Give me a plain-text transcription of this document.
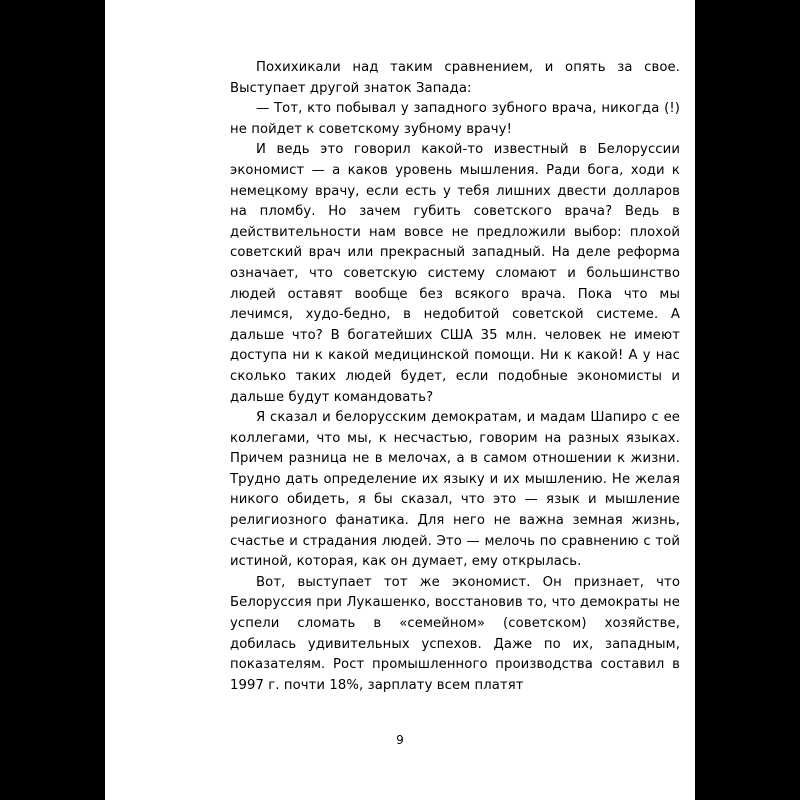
Похихикали над таким сравнением, и опять за свое. Выступает другой знаток Запада:

— Тот, кто побывал у западного зубного врача, никогда (!) не пойдет к советскому зубному врачу!

И ведь это говорил какой-то известный в Белоруссии экономист — а каков уровень мышления. Ради бога, ходи к немецкому врачу, если есть у тебя лишних двести долларов на пломбу. Но зачем губить советского врача? Ведь в действительности нам вовсе не предложили выбор: плохой советский врач или прекрасный западный. На деле реформа означает, что советскую систему сломают и большинство людей оставят вообще без всякого врача. Пока что мы лечимся, худо-бедно, в недобитой советской системе. А дальше что? В богатейших США 35 млн. человек не имеют доступа ни к какой медицинской помощи. Ни к какой! А у нас сколько таких людей будет, если подобные экономисты и дальше будут командовать?

Я сказал и белорусским демократам, и мадам Шапиро с ее коллегами, что мы, к несчастью, говорим на разных языках. Причем разница не в мелочах, а в самом отношении к жизни. Трудно дать определение их языку и их мышлению. Не желая никого обидеть, я бы сказал, что это — язык и мышление религиозного фанатика. Для него не важна земная жизнь, счастье и страдания людей. Это — мелочь по сравнению с той истиной, которая, как он думает, ему открылась.

Вот, выступает тот же экономист. Он признает, что Белоруссия при Лукашенко, восстановив то, что демократы не успели сломать в «семейном» (советском) хозяйстве, добилась удивительных успехов. Даже по их, западным, показателям. Рост промышленного производства составил в 1997 г. почти 18%, зарплату всем платят

9
